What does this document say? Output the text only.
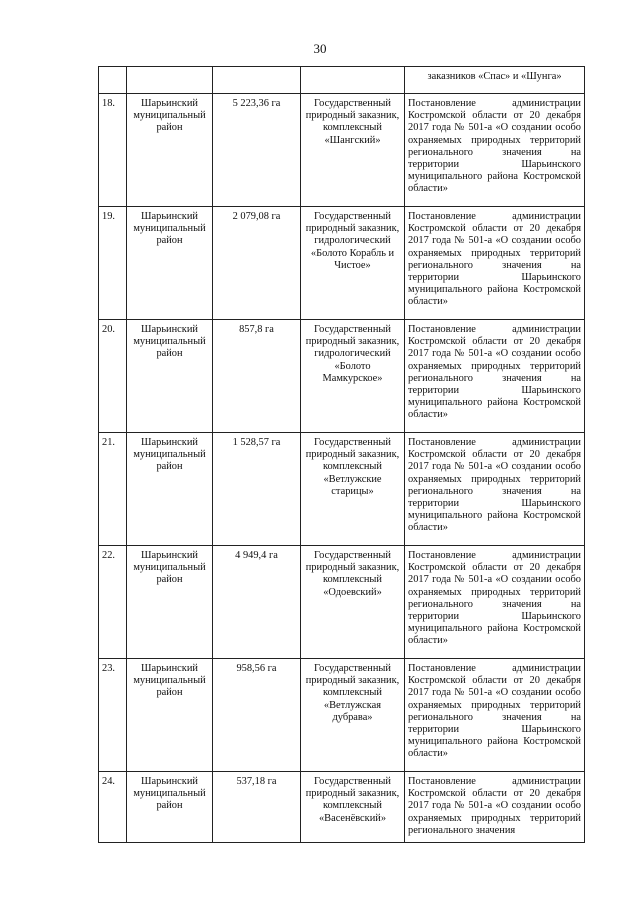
30
				заказников «Спас» и «Шунга»
18.	Шарьинский муниципальный район	5 223,36 га	Государственный природный заказник, комплексный «Шангский»	Постановление администрации Костромской области от 20 декабря 2017 года № 501-а «О создании особо охраняемых природных территорий регионального значения на территории Шарьинского муниципального района Костромской области»
19.	Шарьинский муниципальный район	2 079,08 га	Государственный природный заказник, гидрологический «Болото Корабль и Чистое»	Постановление администрации Костромской области от 20 декабря 2017 года № 501-а «О создании особо охраняемых природных территорий регионального значения на территории Шарьинского муниципального района Костромской области»
20.	Шарьинский муниципальный район	857,8 га	Государственный природный заказник, гидрологический «Болото Мамкурское»	Постановление администрации Костромской области от 20 декабря 2017 года № 501-а «О создании особо охраняемых природных территорий регионального значения на территории Шарьинского муниципального района Костромской области»
21.	Шарьинский муниципальный район	1 528,57 га	Государственный природный заказник, комплексный «Ветлужские старицы»	Постановление администрации Костромской области от 20 декабря 2017 года № 501-а «О создании особо охраняемых природных территорий регионального значения на территории Шарьинского муниципального района Костромской области»
22.	Шарьинский муниципальный район	4 949,4 га	Государственный природный заказник, комплексный «Одоевский»	Постановление администрации Костромской области от 20 декабря 2017 года № 501-а «О создании особо охраняемых природных территорий регионального значения на территории Шарьинского муниципального района Костромской области»
23.	Шарьинский муниципальный район	958,56 га	Государственный природный заказник, комплексный «Ветлужская дубрава»	Постановление администрации Костромской области от 20 декабря 2017 года № 501-а «О создании особо охраняемых природных территорий регионального значения на территории Шарьинского муниципального района Костромской области»
24.	Шарьинский муниципальный район	537,18 га	Государственный природный заказник, комплексный «Васенёвский»	Постановление администрации Костромской области от 20 декабря 2017 года № 501-а «О создании особо охраняемых природных территорий регионального значения
